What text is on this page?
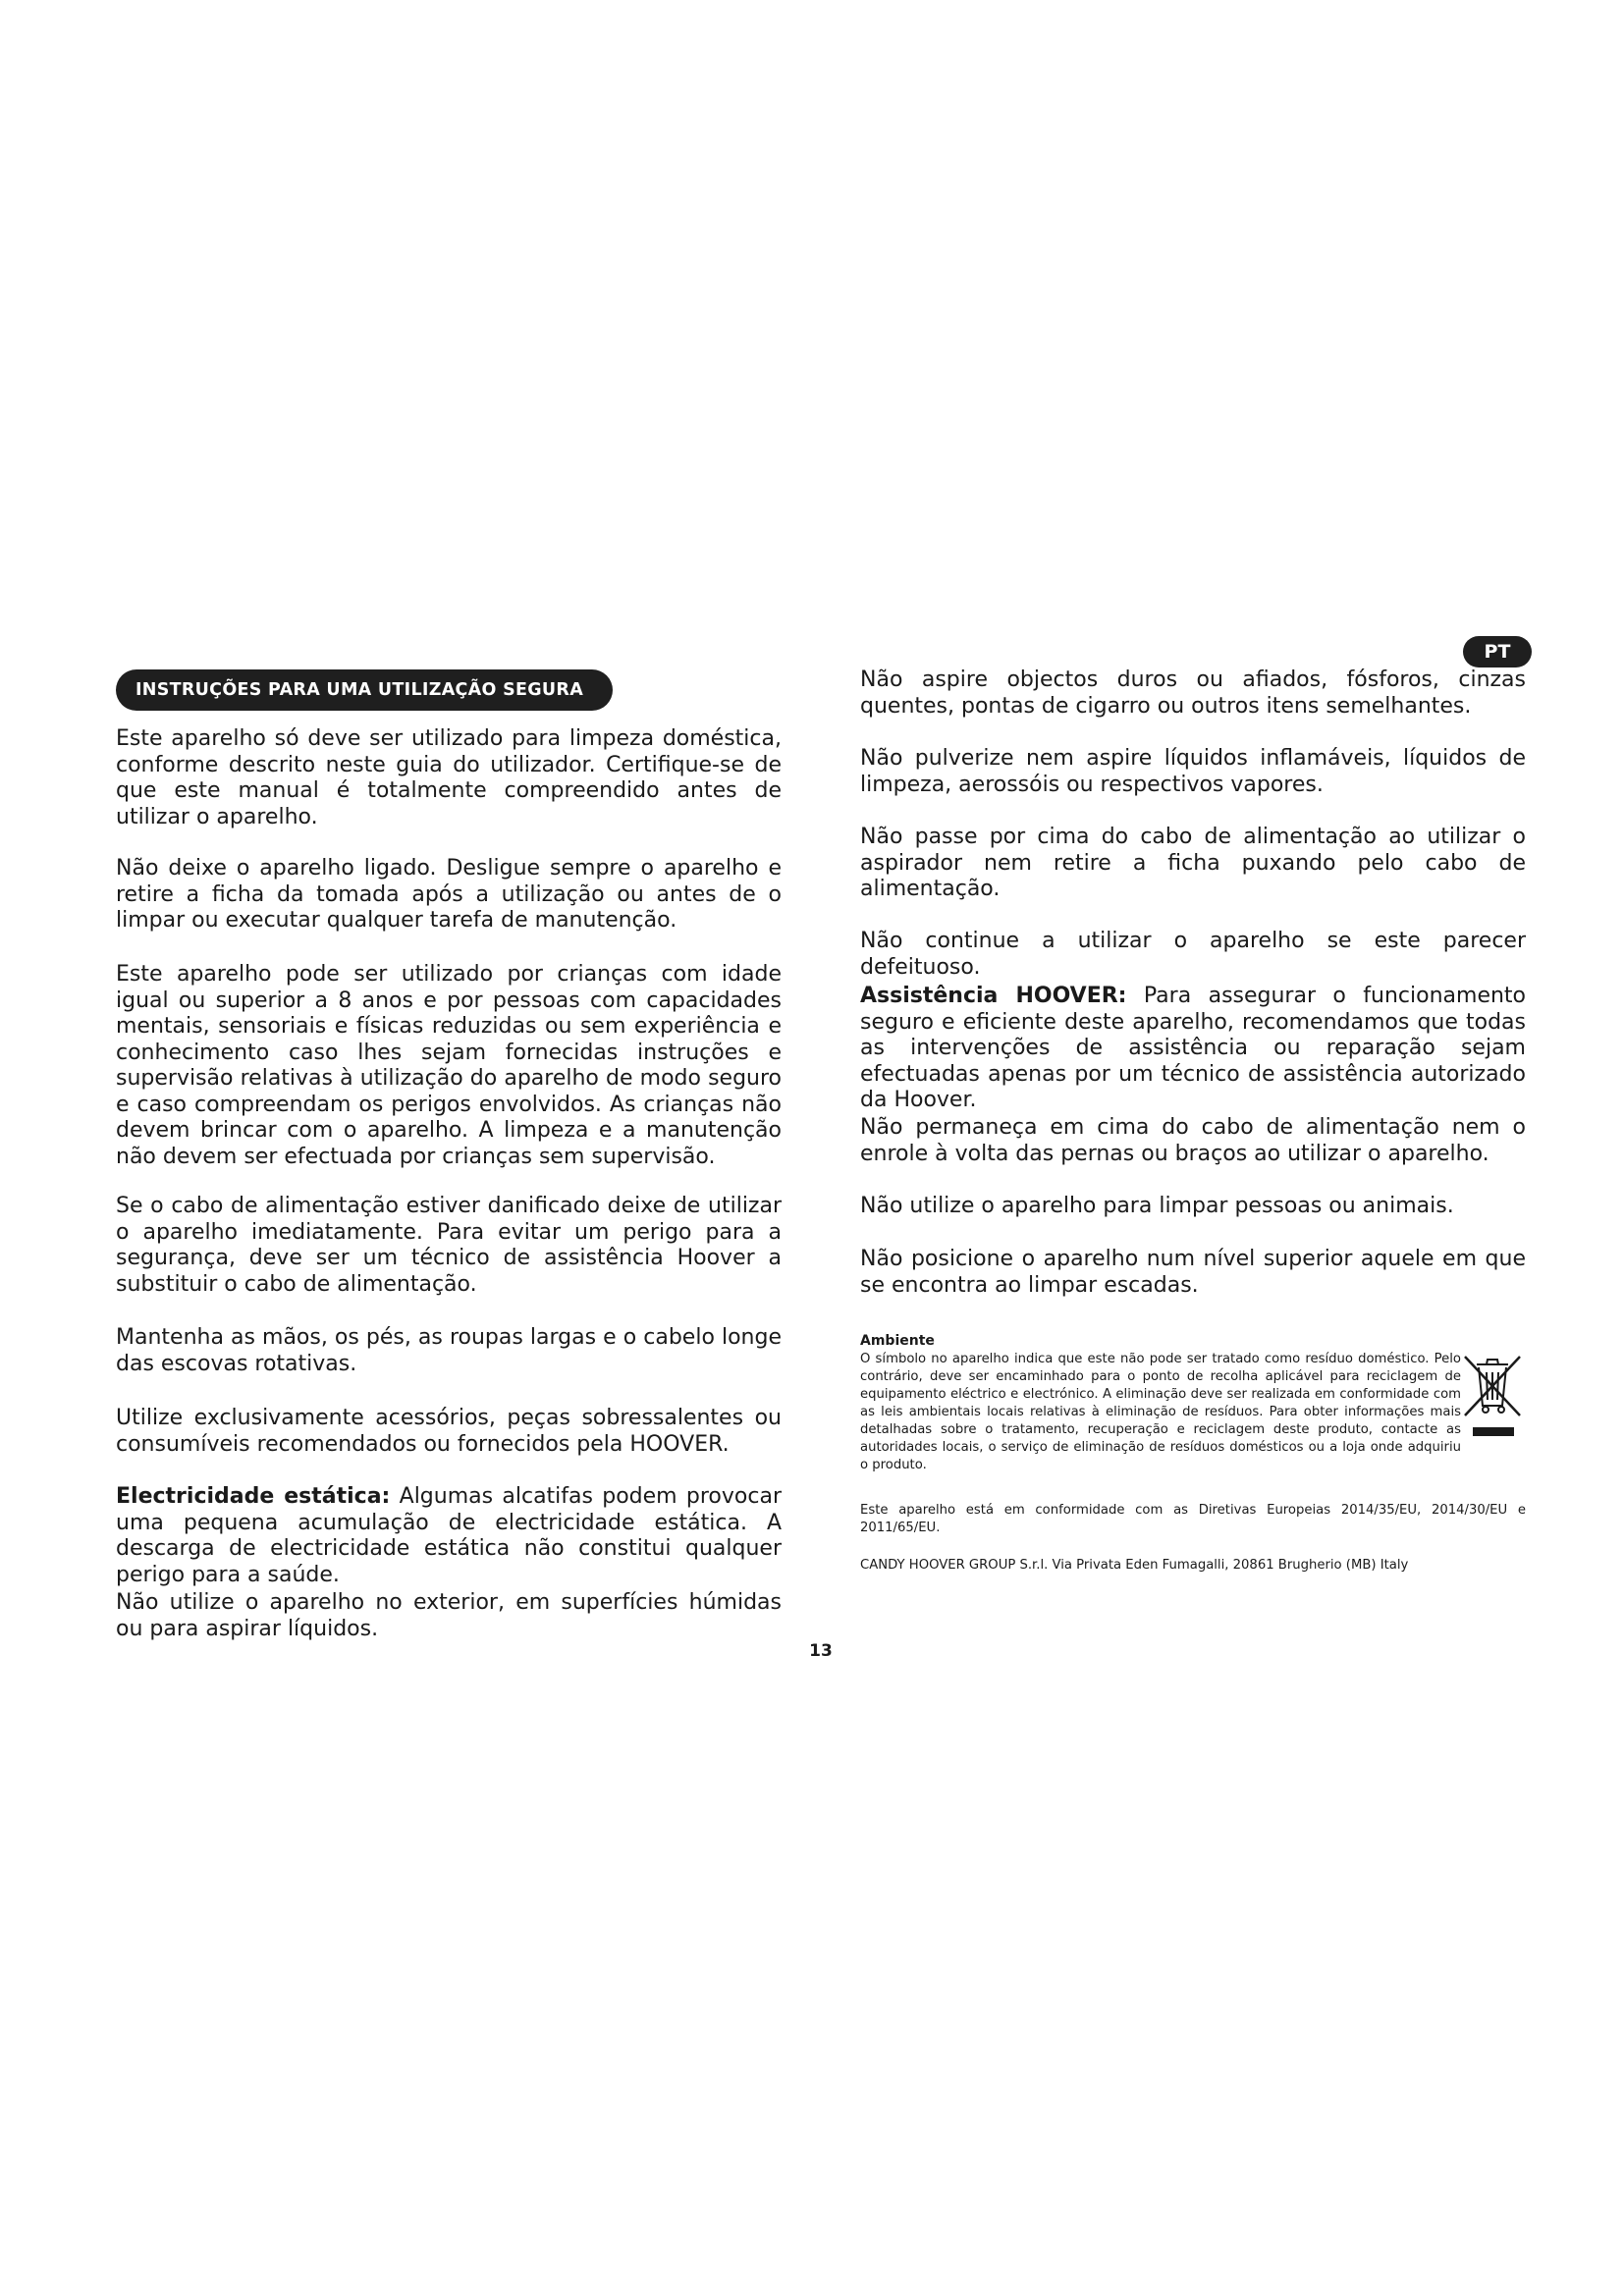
INSTRUÇÕES PARA UMA UTILIZAÇÃO SEGURA
PT

Este aparelho só deve ser utilizado para limpeza doméstica, conforme descrito neste guia do utilizador. Certifique-se de que este manual é totalmente compreendido antes de utilizar o aparelho.

Não deixe o aparelho ligado. Desligue sempre o aparelho e retire a ficha da tomada após a utilização ou antes de o limpar ou executar qualquer tarefa de manutenção.

Este aparelho pode ser utilizado por crianças com idade igual ou superior a 8 anos e por pessoas com capacidades mentais, sensoriais e físicas reduzidas ou sem experiência e conhecimento caso lhes sejam fornecidas instruções e supervisão relativas à utilização do aparelho de modo seguro e caso compreendam os perigos envolvidos. As crianças não devem brincar com o aparelho. A limpeza e a manutenção não devem ser efectuada por crianças sem supervisão.

Se o cabo de alimentação estiver danificado deixe de utilizar o aparelho imediatamente. Para evitar um perigo para a segurança, deve ser um técnico de assistência Hoover a substituir o cabo de alimentação.

Mantenha as mãos, os pés, as roupas largas e o cabelo longe das escovas rotativas.

Utilize exclusivamente acessórios, peças sobressalentes ou consumíveis recomendados ou fornecidos pela HOOVER.

Electricidade estática: Algumas alcatifas podem provocar uma pequena acumulação de electricidade estática. A descarga de electricidade estática não constitui qualquer perigo para a saúde.

Não utilize o aparelho no exterior, em superfícies húmidas ou para aspirar líquidos.

Não aspire objectos duros ou afiados, fósforos, cinzas quentes, pontas de cigarro ou outros itens semelhantes.

Não pulverize nem aspire líquidos inflamáveis, líquidos de limpeza, aerossóis ou respectivos vapores.

Não passe por cima do cabo de alimentação ao utilizar o aspirador nem retire a ficha puxando pelo cabo de alimentação.

Não continue a utilizar o aparelho se este parecer defeituoso.

Assistência HOOVER: Para assegurar o funcionamento seguro e eficiente deste aparelho, recomendamos que todas as intervenções de assistência ou reparação sejam efectuadas apenas por um técnico de assistência autorizado da Hoover.

Não permaneça em cima do cabo de alimentação nem o enrole à volta das pernas ou braços ao utilizar o aparelho.

Não utilize o aparelho para limpar pessoas ou animais.

Não posicione o aparelho num nível superior aquele em que se encontra ao limpar escadas.

Ambiente

O símbolo no aparelho indica que este não pode ser tratado como resíduo doméstico. Pelo contrário, deve ser encaminhado para o ponto de recolha aplicável para reciclagem de equipamento eléctrico e electrónico. A eliminação deve ser realizada em conformidade com as leis ambientais locais relativas à eliminação de resíduos. Para obter informações mais detalhadas sobre o tratamento, recuperação e reciclagem deste produto, contacte as autoridades locais, o serviço de eliminação de resíduos domésticos ou a loja onde adquiriu o produto.

Este aparelho está em conformidade com as Diretivas Europeias 2014/35/EU, 2014/30/EU e 2011/65/EU.

CANDY HOOVER GROUP S.r.l. Via Privata Eden Fumagalli, 20861 Brugherio (MB) Italy

13
